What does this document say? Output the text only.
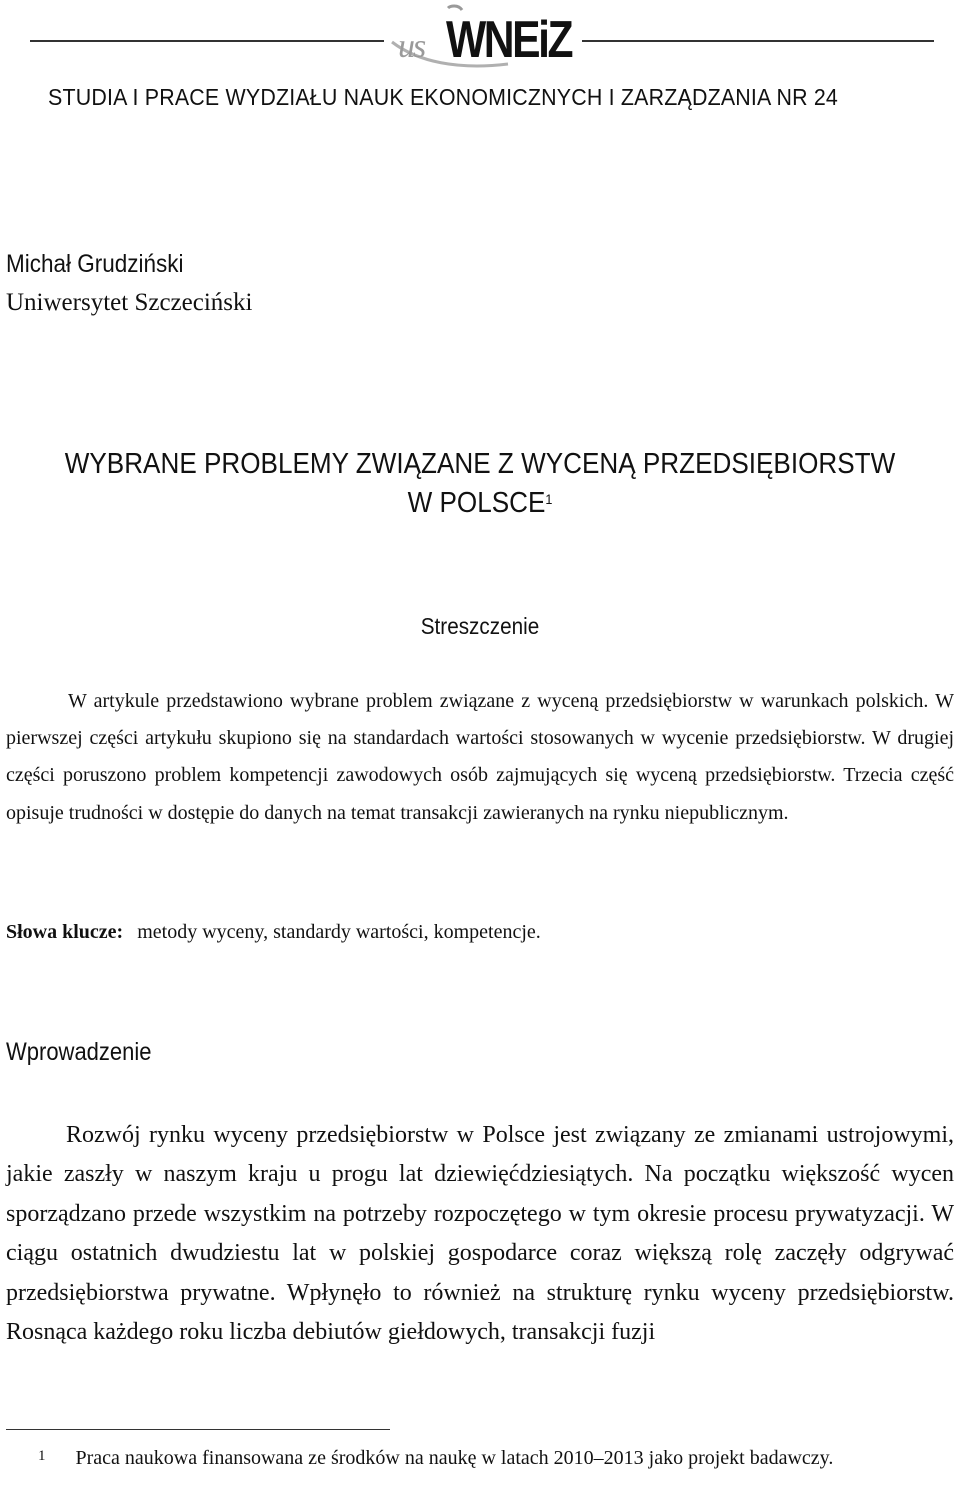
us WNEiZ
STUDIA I PRACE WYDZIAŁU NAUK EKONOMICZNYCH I ZARZĄDZANIA NR 24
Michał Grudziński
Uniwersytet Szczeciński
WYBRANE PROBLEMY ZWIĄZANE Z WYCENĄ PRZEDSIĘBIORSTW
W POLSCE$^1$
Streszczenie

W artykule przedstawiono wybrane problem związane z wyceną przedsiębiorstw w warunkach polskich. W pierwszej części artykułu skupiono się na standardach wartości stosowanych w wycenie przedsiębiorstw. W drugiej części poruszono problem kompetencji zawodowych osób zajmujących się wyceną przedsiębiorstw. Trzecia część opisuje trudności w dostępie do danych na temat transakcji zawieranych na rynku niepublicznym.

Słowa klucze: metody wyceny, standardy wartości, kompetencje.
Wprowadzenie

Rozwój rynku wyceny przedsiębiorstw w Polsce jest związany ze zmianami ustrojowymi, jakie zaszły w naszym kraju u progu lat dziewięćdziesiątych. Na początku większość wycen sporządzano przede wszystkim na potrzeby rozpoczętego w tym okresie procesu prywatyzacji. W ciągu ostatnich dwudziestu lat w polskiej gospodarce coraz większą rolę zaczęły odgrywać przedsiębiorstwa prywatne. Wpłynęło to również na strukturę rynku wyceny przedsiębiorstw. Rosnąca każdego roku liczba debiutów giełdowych, transakcji fuzji

$^1$ Praca naukowa finansowana ze środków na naukę w latach 2010–2013 jako projekt badawczy.
